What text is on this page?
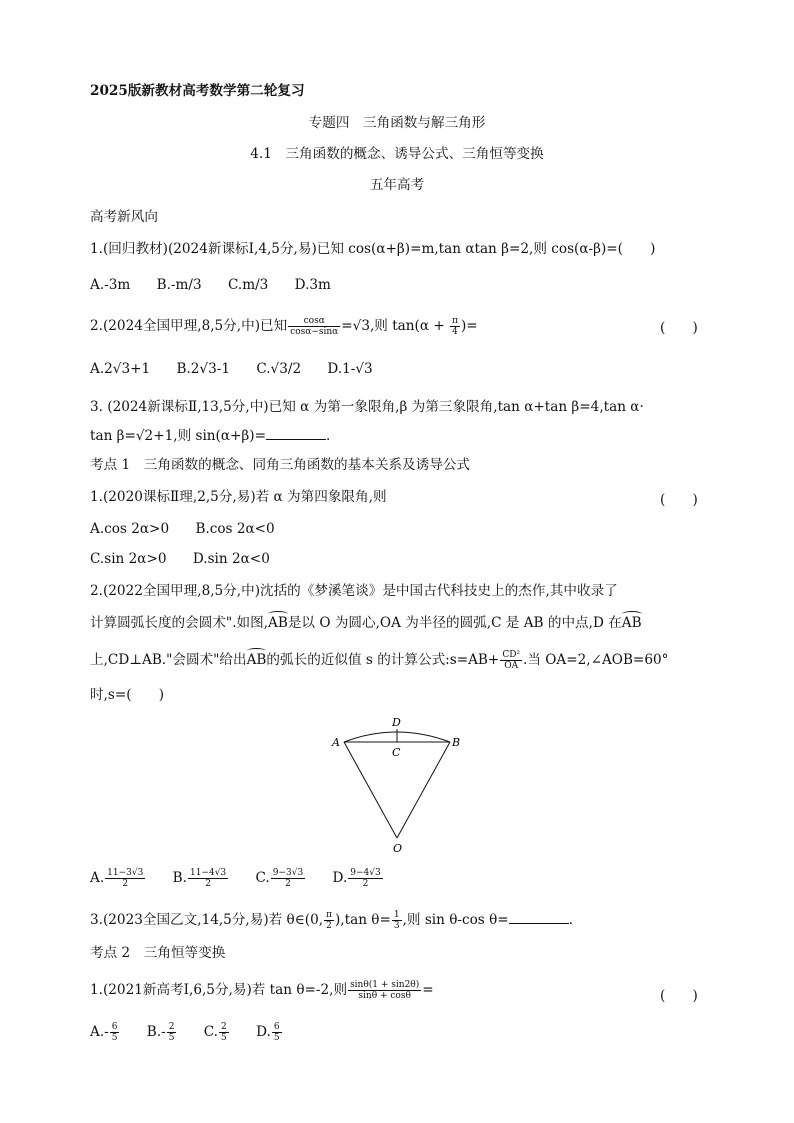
2025版新教材高考数学第二轮复习
专题四　三角函数与解三角形
4.1　三角函数的概念、诱导公式、三角恒等变换
五年高考
高考新风向
1.(回归教材)(2024新课标Ⅰ,4,5分,易)已知 cos(α+β)=m,tan αtan β=2,则 cos(α-β)=(　　)
A.-3m B.-m/3 C.m/3 D.3m
2.(2024全国甲理,8,5分,中)已知 $\frac{\cos\alpha}{\cos\alpha-\sin\alpha} =√3$,则 $\tan(\alpha + \frac{\pi}{4}$ )=	(　　)
A.2√3+1 B.2√3-1 C.√3/2 D.1-√3
3. (2024新课标Ⅱ,13,5分,中)已知 α 为第一象限角,β 为第三象限角,tan α+tan β=4,tan α·
tan β=√2+1,则 sin(α+β)=	.
考点 1　三角函数的概念、同角三角函数的基本关系及诱导公式
1.(2020课标Ⅱ理,2,5分,易)若 α 为第四象限角,则	(　　)
A.cos 2α>0 B.cos 2α<0
C.sin 2α>0 D.sin 2α<0
2.(2022全国甲理,8,5分,中)沈括的《梦溪笔谈》是中国古代科技史上的杰作,其中收录了
计算圆弧长度的会圆术".如图,AB是以 O 为圆心,OA 为半径的圆弧,C 是 AB 的中点,D 在AB
上,CD⊥AB."会圆术"给出AB的弧长的近似值 s 的计算公式:s=AB+ $\frac{\text{CD²}}{OA}$ .当 OA=2,∠AOB=60°
时,s=(　　)
A	B
C
D
O
A. $\frac{11-3√3}{2} B$. $\frac{11-4√3}{2} C$. $\frac{9-3√3}{2} D$. $\frac{9-4√3}{2}$
3.(2023全国乙文,14,5分,易)若 θ∈(0, $\frac{\pi}{2} ),\tan$ $\theta= \frac{1}{3}$ ,则 sin θ-cos θ=	.
考点 2　三角恒等变换
1.(2021新高考Ⅰ,6,5分,易)若 tan θ=-2,则 $\frac{\sin\theta(1 + \sin 2\theta)}{\sin\theta + \cos\theta}$ =	(　　)
$A.- \frac{6}{5} B.- \frac{2}{5} C$. $\frac{2}{5} D$. $\frac{6}{5}$
